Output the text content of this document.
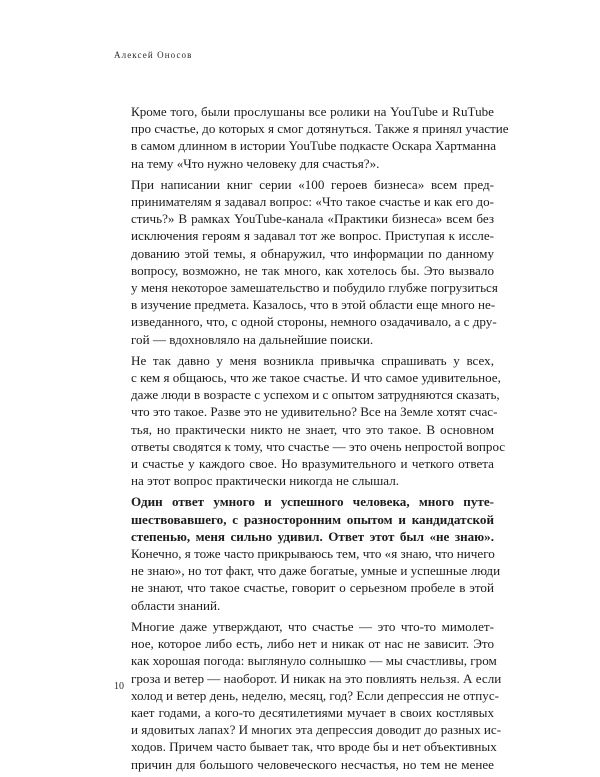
Алексей Оносов

Кроме того, были прослушаны все ролики на YouTube и RuTube
про счастье, до которых я смог дотянуться. Также я принял участие
в самом длинном в истории YouTube подкасте Оскара Хартманна
на тему «Что нужно человеку для счастья?».

При написании книг серии «100 героев бизнеса» всем пред-
принимателям я задавал вопрос: «Что такое счастье и как его до-
стичь?» В рамках YouTube-канала «Практики бизнеса» всем без
исключения героям я задавал тот же вопрос. Приступая к иссле-
дованию этой темы, я обнаружил, что информации по данному
вопросу, возможно, не так много, как хотелось бы. Это вызвало
у меня некоторое замешательство и побудило глубже погрузиться
в изучение предмета. Казалось, что в этой области еще много не-
изведанного, что, с одной стороны, немного озадачивало, а с дру-
гой — вдохновляло на дальнейшие поиски.

Не так давно у меня возникла привычка спрашивать у всех,
с кем я общаюсь, что же такое счастье. И что самое удивительное,
даже люди в возрасте с успехом и с опытом затрудняются сказать,
что это такое. Разве это не удивительно? Все на Земле хотят счас-
тья, но практически никто не знает, что это такое. В основном
ответы сводятся к тому, что счастье — это очень непростой вопрос
и счастье у каждого свое. Но вразумительного и четкого ответа
на этот вопрос практически никогда не слышал.

Один ответ умного и успешного человека, много путе-
шествовавшего, с разносторонним опытом и кандидатской
степенью, меня сильно удивил. Ответ этот был «не знаю».
Конечно, я тоже часто прикрываюсь тем, что «я знаю, что ничего
не знаю», но тот факт, что даже богатые, умные и успешные люди
не знают, что такое счастье, говорит о серьезном пробеле в этой
области знаний.

Многие даже утверждают, что счастье — это что-то мимолет-
ное, которое либо есть, либо нет и никак от нас не зависит. Это
как хорошая погода: выглянуло солнышко — мы счастливы, гром
гроза и ветер — наоборот. И никак на это повлиять нельзя. А если
холод и ветер день, неделю, месяц, год? Если депрессия не отпус-
кает годами, а кого-то десятилетиями мучает в своих костлявых
и ядовитых лапах? И многих эта депрессия доводит до разных ис-
ходов. Причем часто бывает так, что вроде бы и нет объективных
причин для большого человеческого несчастья, но тем не менее

10
